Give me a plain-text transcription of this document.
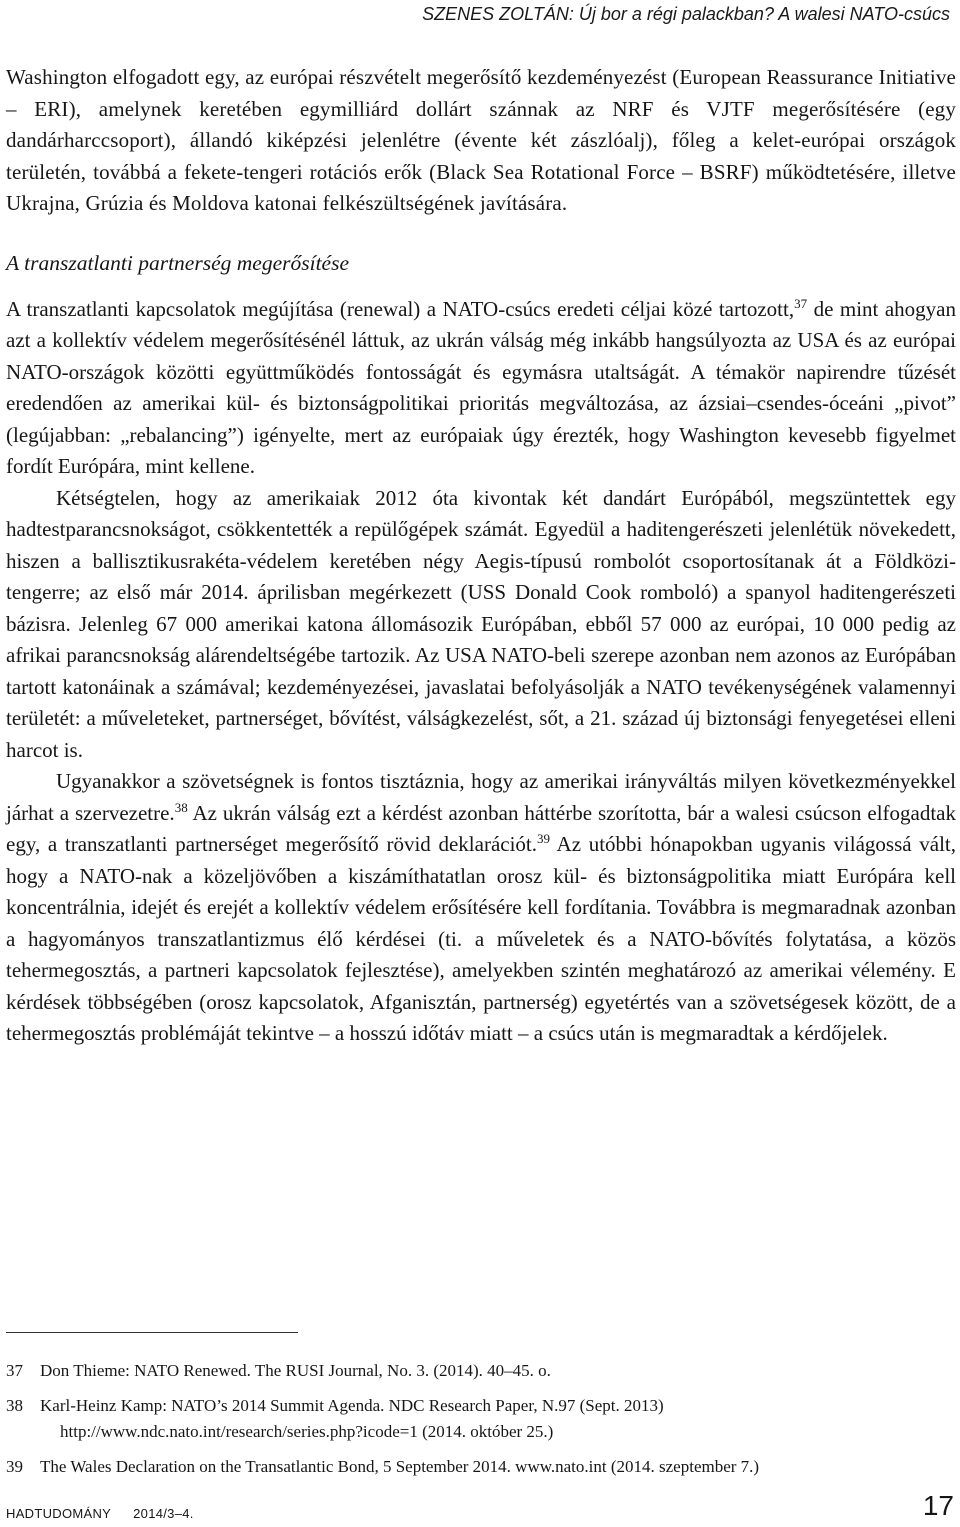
SZENES ZOLTÁN: Új bor a régi palackban? A walesi NATO-csúcs

Washington elfogadott egy, az európai részvételt megerősítő kezdeményezést (European Reassurance Initiative – ERI), amelynek keretében egymilliárd dollárt szánnak az NRF és VJTF megerősítésére (egy dandárharccsoport), állandó kiképzési jelenlétre (évente két zászlóalj), főleg a kelet-európai országok területén, továbbá a fekete-tengeri rotációs erők (Black Sea Rotational Force – BSRF) működtetésére, illetve Ukrajna, Grúzia és Moldova katonai felkészültségének javítására.

A transzatlanti partnerség megerősítése

A transzatlanti kapcsolatok megújítása (renewal) a NATO-csúcs eredeti céljai közé tartozott,$^{37}$ de mint ahogyan azt a kollektív védelem megerősítésénél láttuk, az ukrán válság még inkább hangsúlyozta az USA és az európai NATO-országok közötti együttműködés fontosságát és egymásra utaltságát. A témakör napirendre tűzését eredendően az amerikai kül- és biztonságpolitikai prioritás megváltozása, az ázsiai–csendes-óceáni „pivot” (legújabban: „rebalancing”) igényelte, mert az európaiak úgy érezték, hogy Washington kevesebb figyelmet fordít Európára, mint kellene.

Kétségtelen, hogy az amerikaiak 2012 óta kivontak két dandárt Európából, megszüntettek egy hadtestparancsnokságot, csökkentették a repülőgépek számát. Egyedül a haditengerészeti jelenlétük növekedett, hiszen a ballisztikusrakéta-védelem keretében négy Aegis-típusú rombolót csoportosítanak át a Földközi-tengerre; az első már 2014. áprilisban megérkezett (USS Donald Cook romboló) a spanyol haditengerészeti bázisra. Jelenleg 67 000 amerikai katona állomásozik Európában, ebből 57 000 az európai, 10 000 pedig az afrikai parancsnokság alárendeltségébe tartozik. Az USA NATO-beli szerepe azonban nem azonos az Európában tartott katonáinak a számával; kezdeményezései, javaslatai befolyásolják a NATO tevékenységének valamennyi területét: a műveleteket, partnerséget, bővítést, válságkezelést, sőt, a 21. század új biztonsági fenyegetései elleni harcot is.

Ugyanakkor a szövetségnek is fontos tisztáznia, hogy az amerikai irányváltás milyen következményekkel járhat a szervezetre.$^{38}$ Az ukrán válság ezt a kérdést azonban háttérbe szorította, bár a walesi csúcson elfogadtak egy, a transzatlanti partnerséget megerősítő rövid deklarációt.$^{39}$ Az utóbbi hónapokban ugyanis világossá vált, hogy a NATO-nak a közeljövőben a kiszámíthatatlan orosz kül- és biztonságpolitika miatt Európára kell koncentrálnia, idejét és erejét a kollektív védelem erősítésére kell fordítania. Továbbra is megmaradnak azonban a hagyományos transzatlantizmus élő kérdései (ti. a műveletek és a NATO-bővítés folytatása, a közös tehermegosztás, a partneri kapcsolatok fejlesztése), amelyekben szintén meghatározó az amerikai vélemény. E kérdések többségében (orosz kapcsolatok, Afganisztán, partnerség) egyetértés van a szövetségesek között, de a tehermegosztás problémáját tekintve – a hosszú időtáv miatt – a csúcs után is megmaradtak a kérdőjelek.

37	Don Thieme: NATO Renewed. The RUSI Journal, No. 3. (2014). 40–45. o.
38	Karl-Heinz Kamp: NATO’s 2014 Summit Agenda. NDC Research Paper, N.97 (Sept. 2013)
http://www.ndc.nato.int/research/series.php?icode=1 (2014. október 25.)
39	The Wales Declaration on the Transatlantic Bond, 5 September 2014. www.nato.int (2014. szeptember 7.)
HADTUDOMÁNY 2014/3–4.	17
